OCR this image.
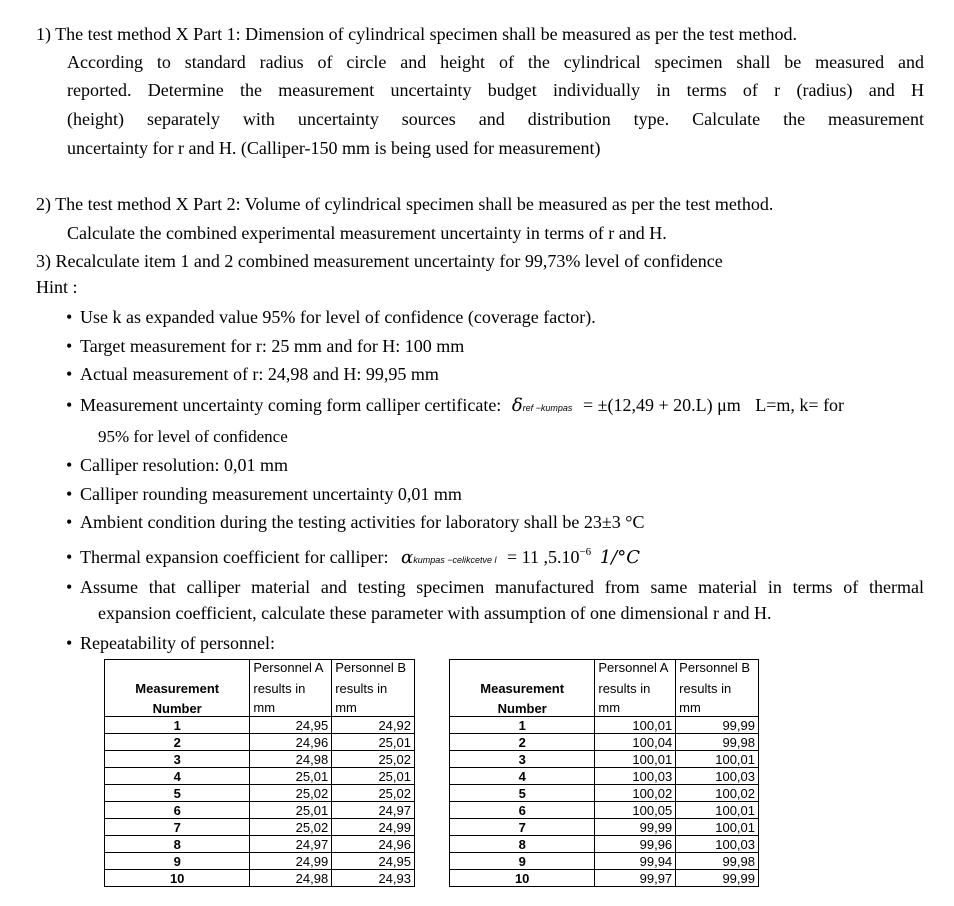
1) The test method X Part 1: Dimension of cylindrical specimen shall be measured as per the test method.
According to standard radius of circle and height of the cylindrical specimen shall be measured and
reported. Determine the measurement uncertainty budget individually in terms of r (radius) and H
(height) separately with uncertainty sources and distribution type. Calculate the measurement
uncertainty for r and H. (Calliper-150 mm is being used for measurement)
2) The test method X Part 2: Volume of cylindrical specimen shall be measured as per the test method.
Calculate the combined experimental measurement uncertainty in terms of r and H.
3) Recalculate item 1 and 2 combined measurement uncertainty for 99,73% level of confidence
Hint :
• Use k as expanded value 95% for level of confidence (coverage factor).
• Target measurement for r: 25 mm and for H: 100 mm
• Actual measurement of r: 24,98 and H: 99,95 mm
• Measurement uncertainty coming form calliper certificate: δref −kumpas = ±(12,49 + 20.L) μm L=m, k= for
95% for level of confidence
• Calliper resolution: 0,01 mm
• Calliper rounding measurement uncertainty 0,01 mm
• Ambient condition during the testing activities for laboratory shall be 23±3 °C
• Thermal expansion coefficient for calliper: αkumpas −celikcetve l = 11 $,5.10^{-6}$ 1/°C
• Assume that calliper material and testing specimen manufactured from same material in terms of thermal
expansion coefficient, calculate these parameter with assumption of one dimensional r and H.
• Repeatability of personnel:
	Personnel A	Personnel B
Measurement	results in	results in
Number	mm	mm
1	24,95	24,92
2	24,96	25,01
3	24,98	25,02
4	25,01	25,01
5	25,02	25,02
6	25,01	24,97
7	25,02	24,99
8	24,97	24,96
9	24,99	24,95
10	24,98	24,93
	Personnel A	Personnel B
Measurement	results in	results in
Number	mm	mm
1	100,01	99,99
2	100,04	99,98
3	100,01	100,01
4	100,03	100,03
5	100,02	100,02
6	100,05	100,01
7	99,99	100,01
8	99,96	100,03
9	99,94	99,98
10	99,97	99,99
